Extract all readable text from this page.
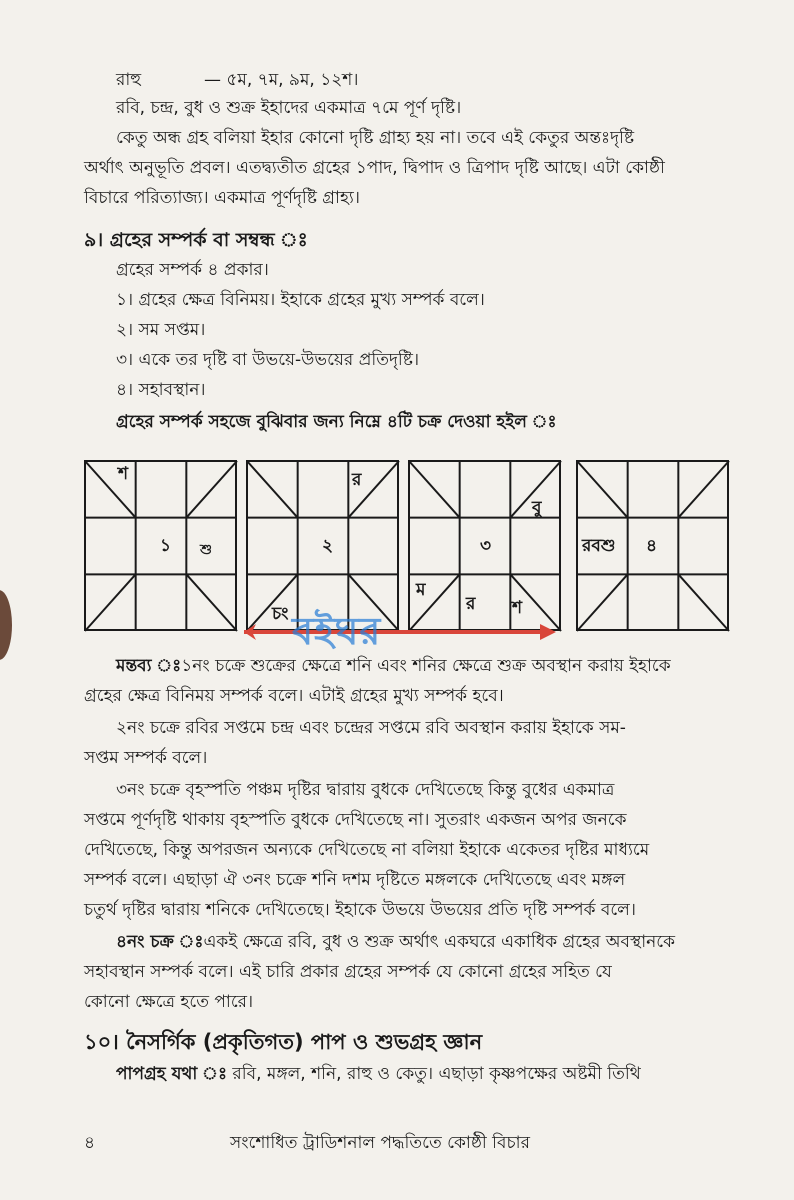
রাহু	— ৫ম, ৭ম, ৯ম, ১২শ।
রবি, চন্দ্র, বুধ ও শুক্র ইহাদের একমাত্র ৭মে পূর্ণ দৃষ্টি।
কেতু অন্ধ গ্রহ বলিয়া ইহার কোনো দৃষ্টি গ্রাহ্য হয় না। তবে এই কেতুর অন্তঃদৃষ্টি
অর্থাৎ অনুভূতি প্রবল। এতদ্ব্যতীত গ্রহের ১পাদ, দ্বিপাদ ও ত্রিপাদ দৃষ্টি আছে। এটা কোষ্ঠী
বিচারে পরিত্যাজ্য। একমাত্র পূর্ণদৃষ্টি গ্রাহ্য।
৯। গ্রহের সম্পর্ক বা সম্বন্ধ ঃ
গ্রহের সম্পর্ক ৪ প্রকার।
১। গ্রহের ক্ষেত্র বিনিময়। ইহাকে গ্রহের মুখ্য সম্পর্ক বলে।
২। সম সপ্তম।
৩। একে তর দৃষ্টি বা উভয়ে-উভয়ের প্রতিদৃষ্টি।
৪। সহাবস্থান।
গ্রহের সম্পর্ক সহজে বুঝিবার জন্য নিম্নে ৪টি চক্র দেওয়া হইল ঃ
শ
১ শু
র
২
চং
বু
৩
ম
র শ
রবশু ৪
বইঘর
মন্তব্য ঃ১নং চক্রে শুক্রের ক্ষেত্রে শনি এবং শনির ক্ষেত্রে শুক্র অবস্থান করায় ইহাকে
গ্রহের ক্ষেত্র বিনিময় সম্পর্ক বলে। এটাই গ্রহের মুখ্য সম্পর্ক হবে।
২নং চক্রে রবির সপ্তমে চন্দ্র এবং চন্দ্রের সপ্তমে রবি অবস্থান করায় ইহাকে সম-
সপ্তম সম্পর্ক বলে।
৩নং চক্রে বৃহস্পতি পঞ্চম দৃষ্টির দ্বারায় বুধকে দেখিতেছে কিন্তু বুধের একমাত্র
সপ্তমে পূর্ণদৃষ্টি থাকায় বৃহস্পতি বুধকে দেখিতেছে না। সুতরাং একজন অপর জনকে
দেখিতেছে, কিন্তু অপরজন অন্যকে দেখিতেছে না বলিয়া ইহাকে একেতর দৃষ্টির মাধ্যমে
সম্পর্ক বলে। এছাড়া ঐ ৩নং চক্রে শনি দশম দৃষ্টিতে মঙ্গলকে দেখিতেছে এবং মঙ্গল
চতুর্থ দৃষ্টির দ্বারায় শনিকে দেখিতেছে। ইহাকে উভয়ে উভয়ের প্রতি দৃষ্টি সম্পর্ক বলে।
৪নং চক্র ঃএকই ক্ষেত্রে রবি, বুধ ও শুক্র অর্থাৎ একঘরে একাধিক গ্রহের অবস্থানকে
সহাবস্থান সম্পর্ক বলে। এই চারি প্রকার গ্রহের সম্পর্ক যে কোনো গ্রহের সহিত যে
কোনো ক্ষেত্রে হতে পারে।
১০। নৈসর্গিক (প্রকৃতিগত) পাপ ও শুভগ্রহ জ্ঞান
পাপগ্রহ যথা ঃ রবি, মঙ্গল, শনি, রাহু ও কেতু। এছাড়া কৃষ্ণপক্ষের অষ্টমী তিথি
৪	সংশোধিত ট্রাডিশনাল পদ্ধতিতে কোষ্ঠী বিচার
